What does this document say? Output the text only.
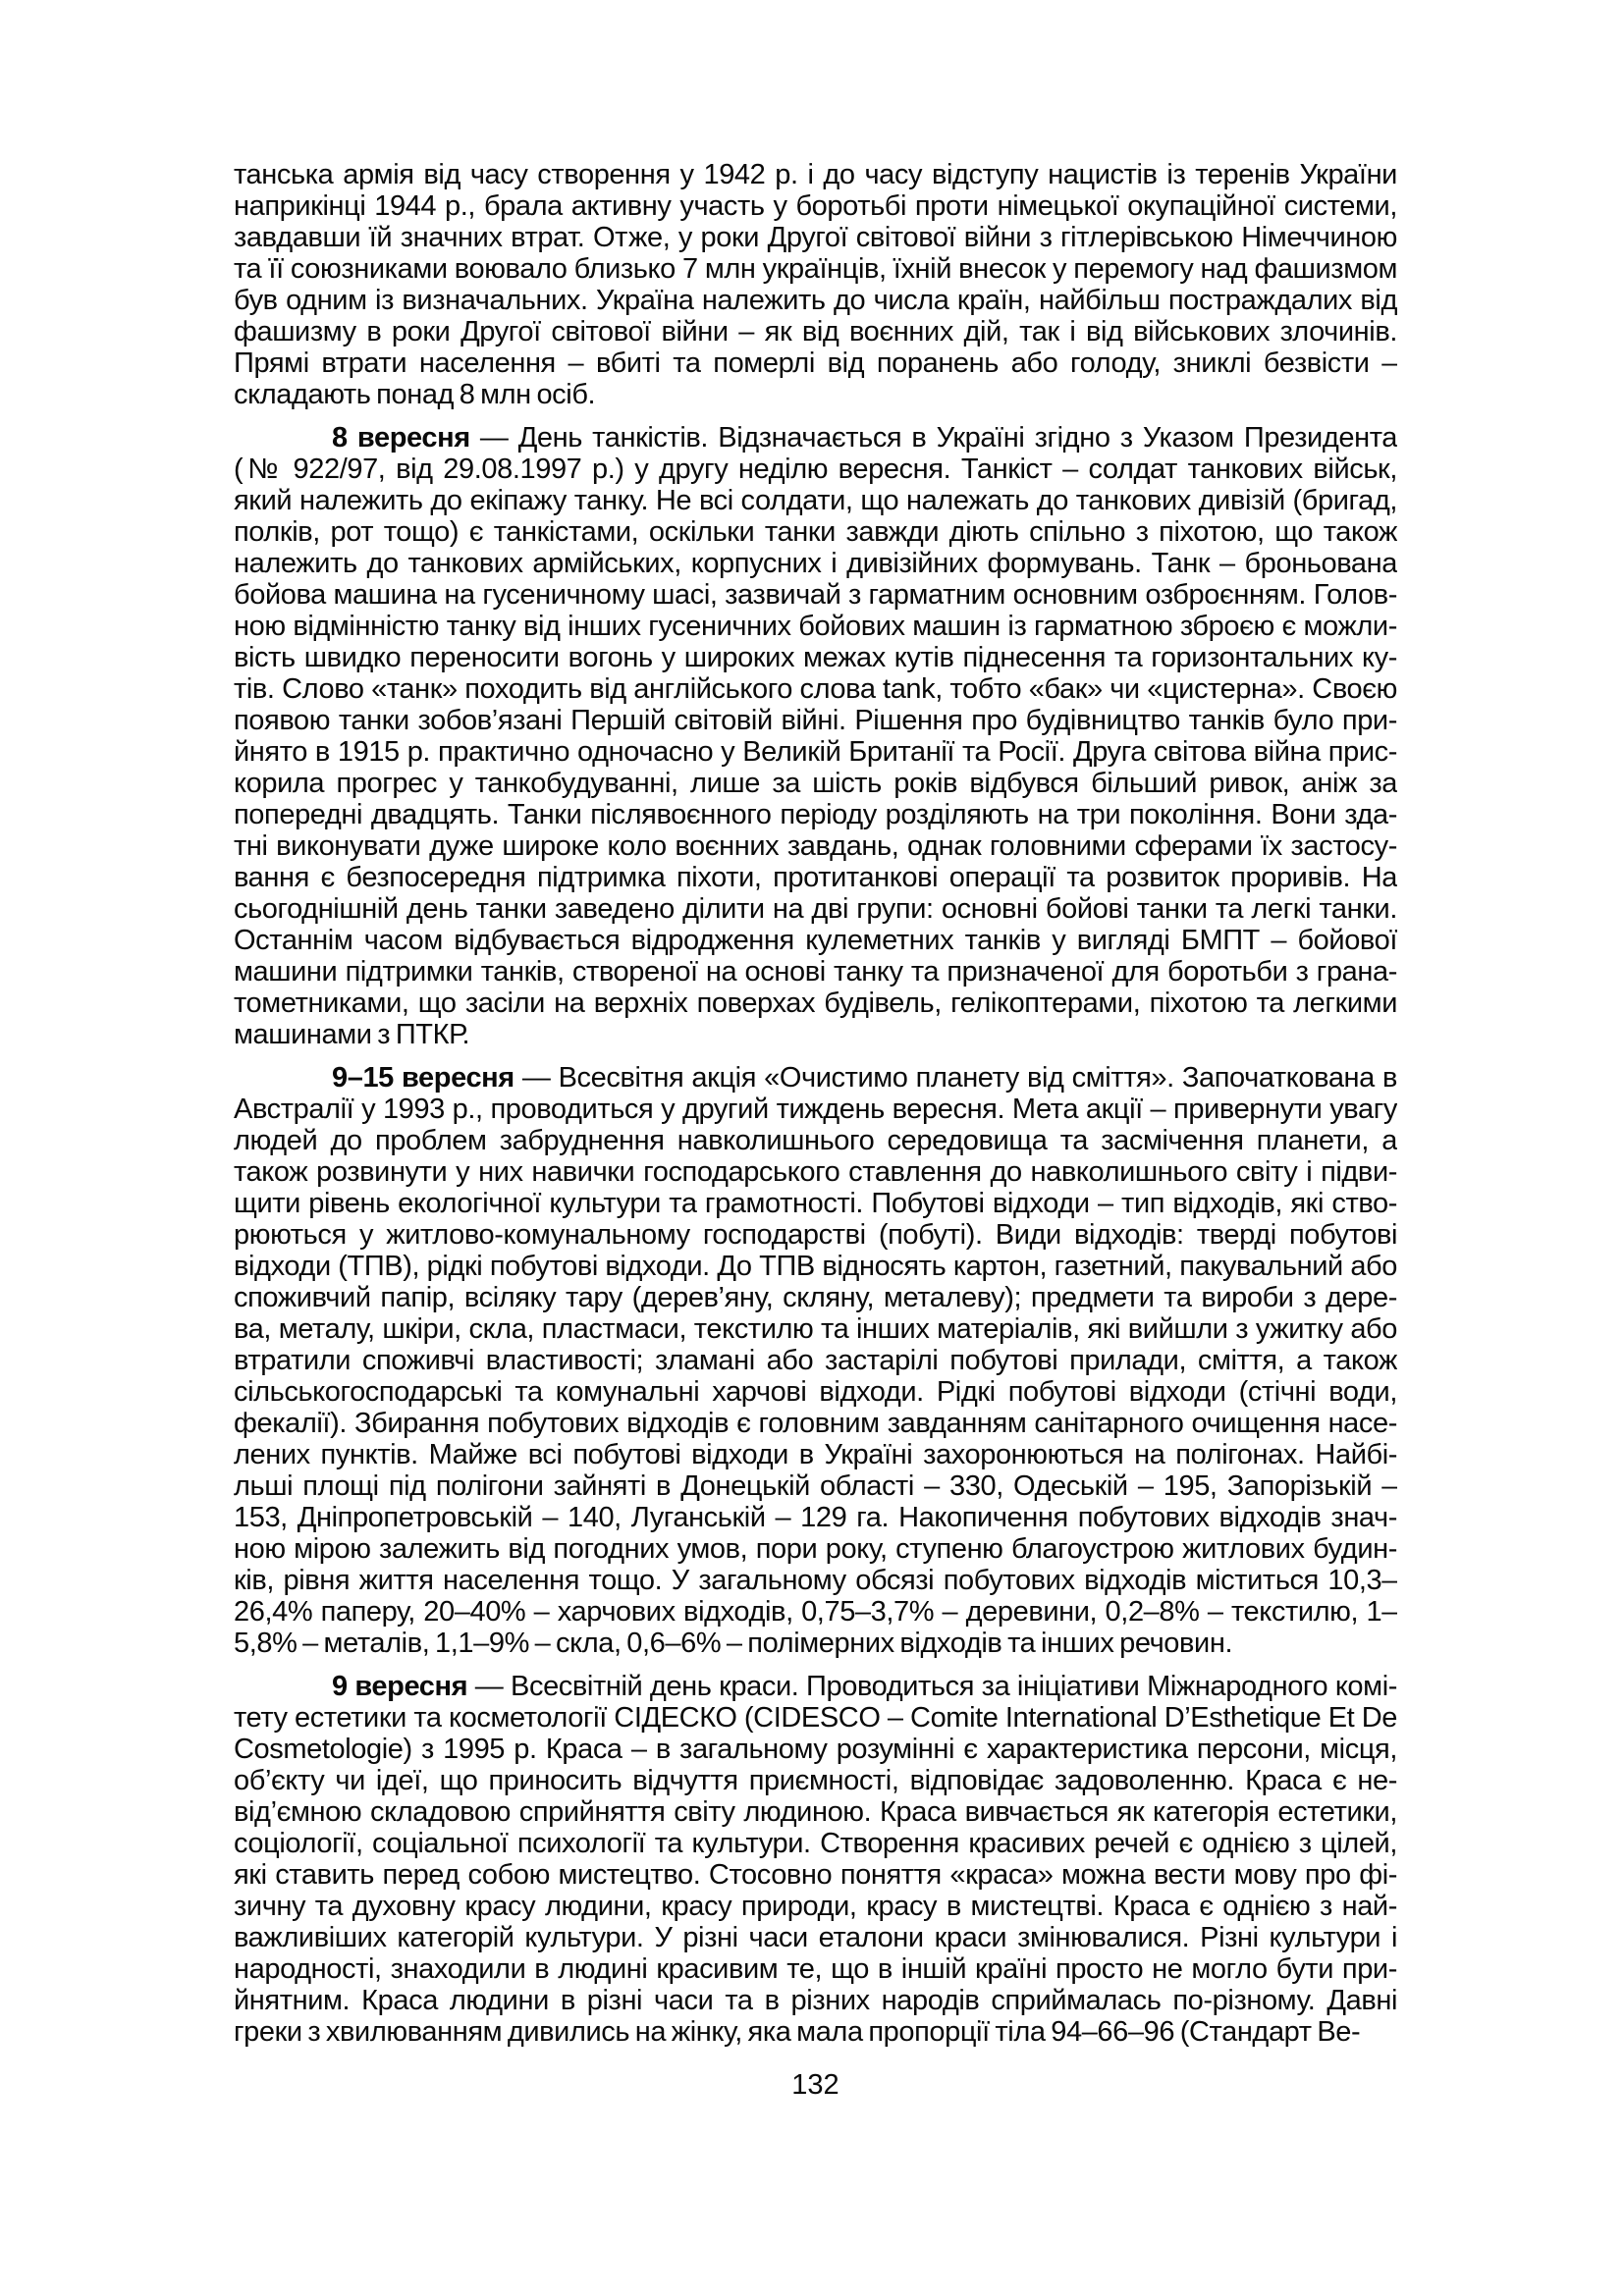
танська армія від часу створення у 1942 р. і до часу відступу нацистів із теренів України
наприкінці 1944 р., брала активну участь у боротьбі проти німецької окупаційної системи,
завдавши їй значних втрат. Отже, у роки Другої світової війни з гітлерівською Німеччиною
та її союзниками воювало близько 7 млн українців, їхній внесок у перемогу над фашизмом
був одним із визначальних. Україна належить до числа країн, найбільш постраждалих від
фашизму в роки Другої світової війни – як від воєнних дій, так і від військових злочинів.
Прямі втрати населення – вбиті та померлі від поранень або голоду, зниклі безвісти –
складають понад 8 млн осіб.
8 вересня — День танкістів. Відзначається в Україні згідно з Указом Президента
(№ 922/97, від 29.08.1997 р.) у другу неділю вересня. Танкіст – солдат танкових військ,
який належить до екіпажу танку. Не всі солдати, що належать до танкових дивізій (бригад,
полків, рот тощо) є танкістами, оскільки танки завжди діють спільно з піхотою, що також
належить до танкових армійських, корпусних і дивізійних формувань. Танк – броньована
бойова машина на гусеничному шасі, зазвичай з гарматним основним озброєнням. Голов-
ною відмінністю танку від інших гусеничних бойових машин із гарматною зброєю є можли-
вість швидко переносити вогонь у широких межах кутів піднесення та горизонтальних ку-
тів. Слово «танк» походить від англійського слова tank, тобто «бак» чи «цистерна». Своєю
появою танки зобов’язані Першій світовій війні. Рішення про будівництво танків було при-
йнято в 1915 р. практично одночасно у Великій Британії та Росії. Друга світова війна прис-
корила прогрес у танкобудуванні, лише за шість років відбувся більший ривок, аніж за
попередні двадцять. Танки післявоєнного періоду розділяють на три покоління. Вони зда-
тні виконувати дуже широке коло воєнних завдань, однак головними сферами їх застосу-
вання є безпосередня підтримка піхоти, протитанкові операції та розвиток проривів. На
сьогоднішній день танки заведено ділити на дві групи: основні бойові танки та легкі танки.
Останнім часом відбувається відродження кулеметних танків у вигляді БМПТ – бойової
машини підтримки танків, створеної на основі танку та призначеної для боротьби з грана-
тометниками, що засіли на верхніх поверхах будівель, гелікоптерами, піхотою та легкими
машинами з ПТКР.
9–15 вересня — Всесвітня акція «Очистимо планету від сміття». Започаткована в
Австралії у 1993 р., проводиться у другий тиждень вересня. Мета акції – привернути увагу
людей до проблем забруднення навколишнього середовища та засмічення планети, а
також розвинути у них навички господарського ставлення до навколишнього світу і підви-
щити рівень екологічної культури та грамотності. Побутові відходи – тип відходів, які ство-
рюються у житлово-комунальному господарстві (побуті). Види відходів: тверді побутові
відходи (ТПВ), рідкі побутові відходи. До ТПВ відносять картон, газетний, пакувальний або
споживчий папір, всіляку тару (дерев’яну, скляну, металеву); предмети та вироби з дере-
ва, металу, шкіри, скла, пластмаси, текстилю та інших матеріалів, які вийшли з ужитку або
втратили споживчі властивості; зламані або застарілі побутові прилади, сміття, а також
сільськогосподарські та комунальні харчові відходи. Рідкі побутові відходи (стічні води,
фекалії). Збирання побутових відходів є головним завданням санітарного очищення насе-
лених пунктів. Майже всі побутові відходи в Україні захоронюються на полігонах. Найбі-
льші площі під полігони зайняті в Донецькій області – 330, Одеській – 195, Запорізькій –
153, Дніпропетровській – 140, Луганській – 129 га. Накопичення побутових відходів знач-
ною мірою залежить від погодних умов, пори року, ступеню благоустрою житлових будин-
ків, рівня життя населення тощо. У загальному обсязі побутових відходів міститься 10,3–
26,4% паперу, 20–40% – харчових відходів, 0,75–3,7% – деревини, 0,2–8% – текстилю, 1–
5,8% – металів, 1,1–9% – скла, 0,6–6% – полімерних відходів та інших речовин.
9 вересня — Всесвітній день краси. Проводиться за ініціативи Міжнародного комі-
тету естетики та косметології СІДЕСКО (CIDESCO – Comite International D’Esthetique Et De
Cosmetologie) з 1995 р. Краса – в загальному розумінні є характеристика персони, місця,
об’єкту чи ідеї, що приносить відчуття приємності, відповідає задоволенню. Краса є не-
від’ємною складовою сприйняття світу людиною. Краса вивчається як категорія естетики,
соціології, соціальної психології та культури. Створення красивих речей є однією з цілей,
які ставить перед собою мистецтво. Стосовно поняття «краса» можна вести мову про фі-
зичну та духовну красу людини, красу природи, красу в мистецтві. Краса є однією з най-
важливіших категорій культури. У різні часи еталони краси змінювалися. Різні культури і
народності, знаходили в людині красивим те, що в іншій країні просто не могло бути при-
йнятним. Краса людини в різні часи та в різних народів сприймалась по-різному. Давні
греки з хвилюванням дивились на жінку, яка мала пропорції тіла 94–66–96 (Стандарт Ве-
132
